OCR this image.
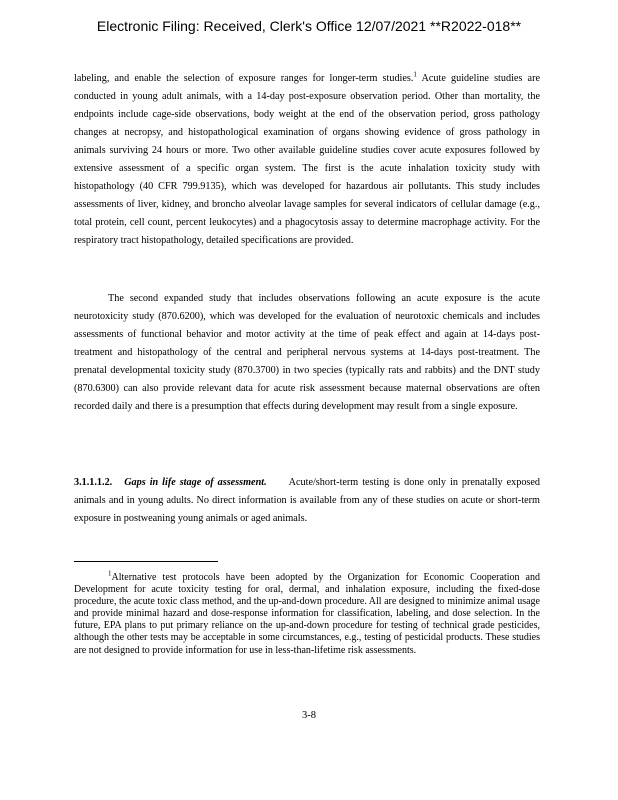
Electronic Filing: Received, Clerk's Office 12/07/2021 **R2022-018**

labeling, and enable the selection of exposure ranges for longer-term studies.$^1$ Acute guideline studies are conducted in young adult animals, with a 14-day post-exposure observation period. Other than mortality, the endpoints include cage-side observations, body weight at the end of the observation period, gross pathology changes at necropsy, and histopathological examination of organs showing evidence of gross pathology in animals surviving 24 hours or more. Two other available guideline studies cover acute exposures followed by extensive assessment of a specific organ system. The first is the acute inhalation toxicity study with histopathology (40 CFR 799.9135), which was developed for hazardous air pollutants. This study includes assessments of liver, kidney, and broncho alveolar lavage samples for several indicators of cellular damage (e.g., total protein, cell count, percent leukocytes) and a phagocytosis assay to determine macrophage activity. For the respiratory tract histopathology, detailed specifications are provided.

The second expanded study that includes observations following an acute exposure is the acute neurotoxicity study (870.6200), which was developed for the evaluation of neurotoxic chemicals and includes assessments of functional behavior and motor activity at the time of peak effect and again at 14-days post-treatment and histopathology of the central and peripheral nervous systems at 14-days post-treatment. The prenatal developmental toxicity study (870.3700) in two species (typically rats and rabbits) and the DNT study (870.6300) can also provide relevant data for acute risk assessment because maternal observations are often recorded daily and there is a presumption that effects during development may result from a single exposure.

3.1.1.1.2. Gaps in life stage of assessment. Acute/short-term testing is done only in prenatally exposed animals and in young adults. No direct information is available from any of these studies on acute or short-term exposure in postweaning young animals or aged animals.

$^1$Alternative test protocols have been adopted by the Organization for Economic Cooperation and Development for acute toxicity testing for oral, dermal, and inhalation exposure, including the fixed-dose procedure, the acute toxic class method, and the up-and-down procedure. All are designed to minimize animal usage and provide minimal hazard and dose-response information for classification, labeling, and dose selection. In the future, EPA plans to put primary reliance on the up-and-down procedure for testing of technical grade pesticides, although the other tests may be acceptable in some circumstances, e.g., testing of pesticidal products. These studies are not designed to provide information for use in less-than-lifetime risk assessments.

3-8
